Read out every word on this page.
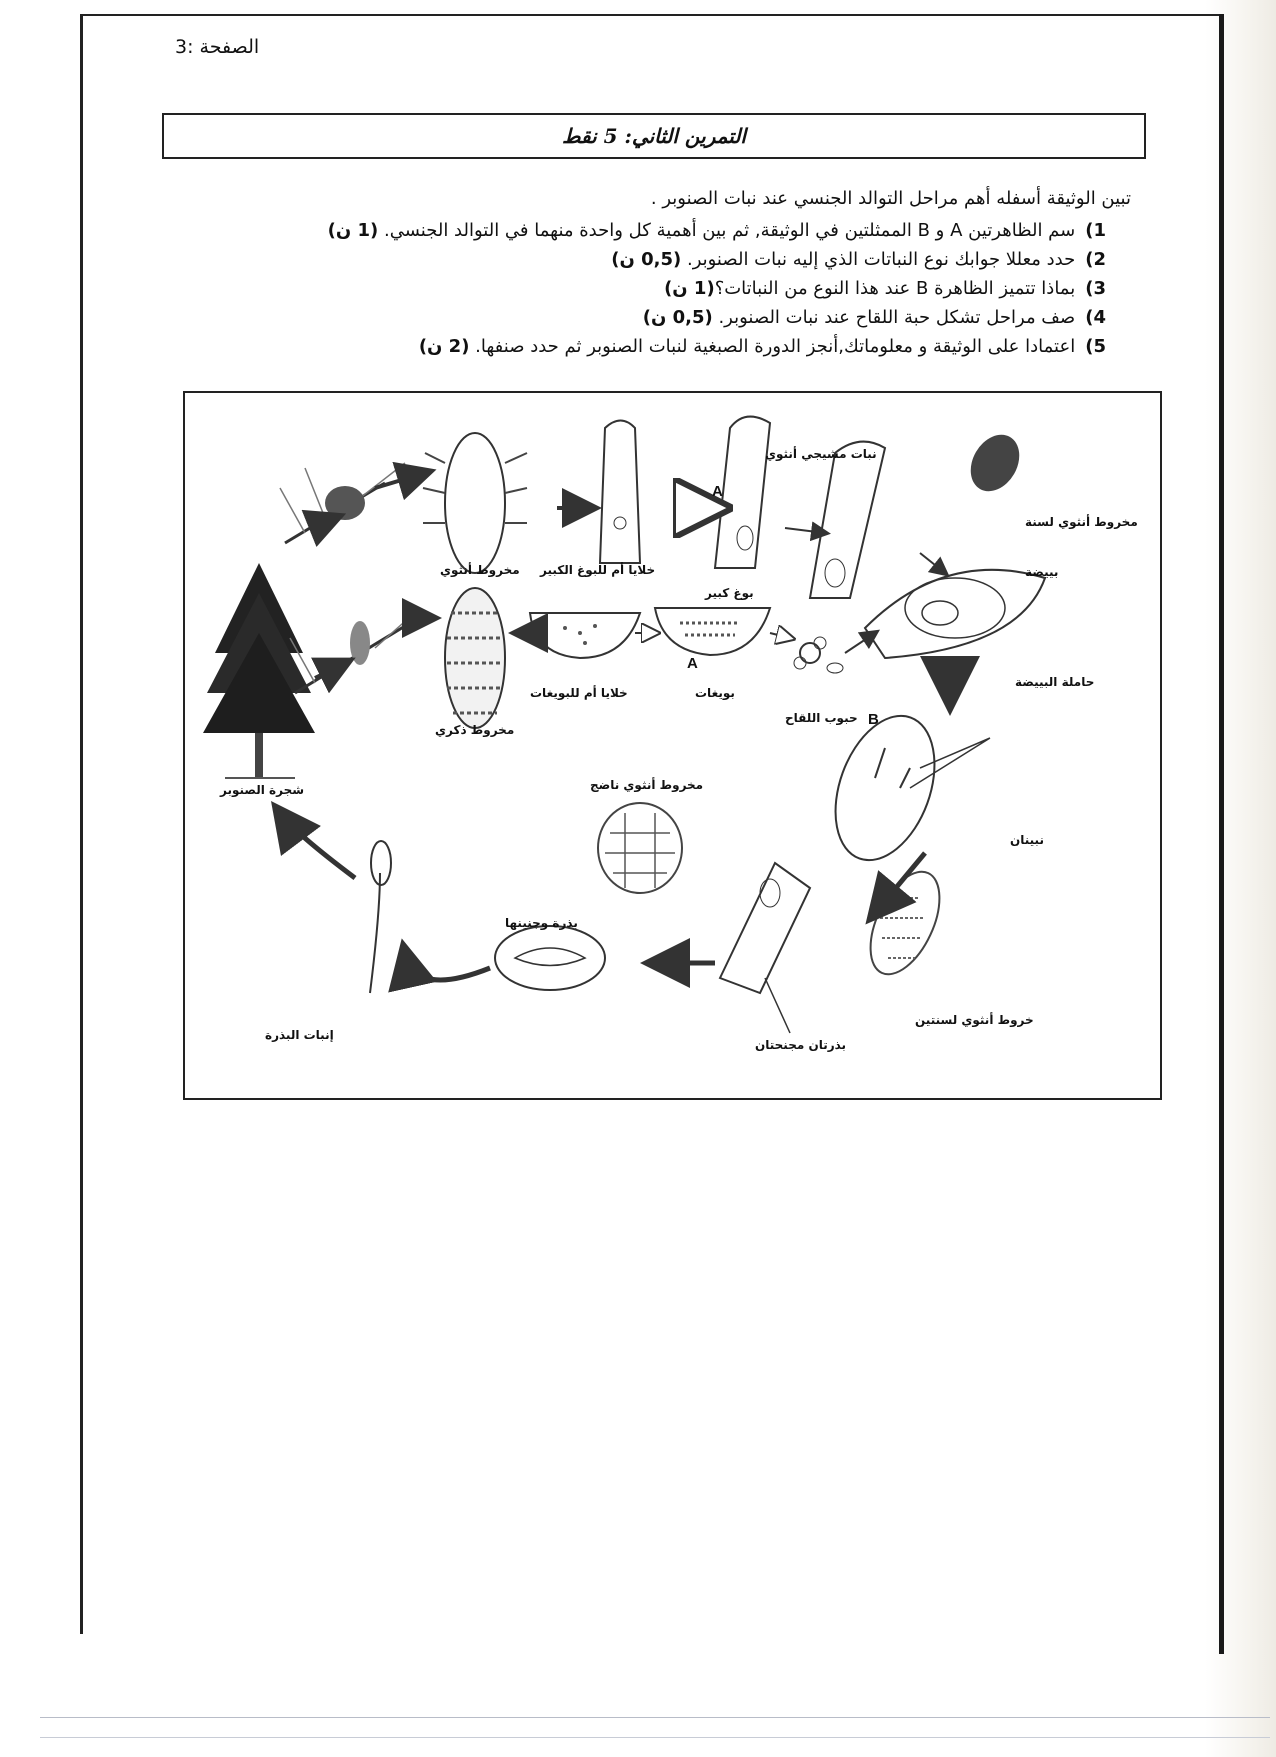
الصفحة :3
التمرين الثاني: 5 نقط
تبين الوثيقة أسفله أهم مراحل التوالد الجنسي عند نبات الصنوبر .
1)سم الظاهرتين A و B الممثلتين في الوثيقة, ثم بين أهمية كل واحدة منهما في التوالد الجنسي. (1 ن)
2)حدد معللا جوابك نوع النباتات الذي إليه نبات الصنوبر. (0,5 ن)
3)بماذا تتميز الظاهرة B عند هذا النوع من النباتات؟(1 ن)
4)صف مراحل تشكل حبة اللقاح عند نبات الصنوبر. (0,5 ن)
5)اعتمادا على الوثيقة و معلوماتك,أنجز الدورة الصبغية لنبات الصنوبر ثم حدد صنفها. (2 ن)
مخروط أنثوي خلايا أم للبوغ الكبير
بوغ كبير
نبات مشيجي أنثوي
مخروط أنثوي لسنة
بييضة
حاملة البييضة
مخروط ذكري
خلايا أم للبويغات	بويغات
حبوب اللقاح
شجرة الصنوبر	مخروط أنثوي ناضج
نبينان
خروط أنثوي لسنتين
بذرتان مجنحتان
بذرة وجنينها
إنبات البذرة
A
A
B
